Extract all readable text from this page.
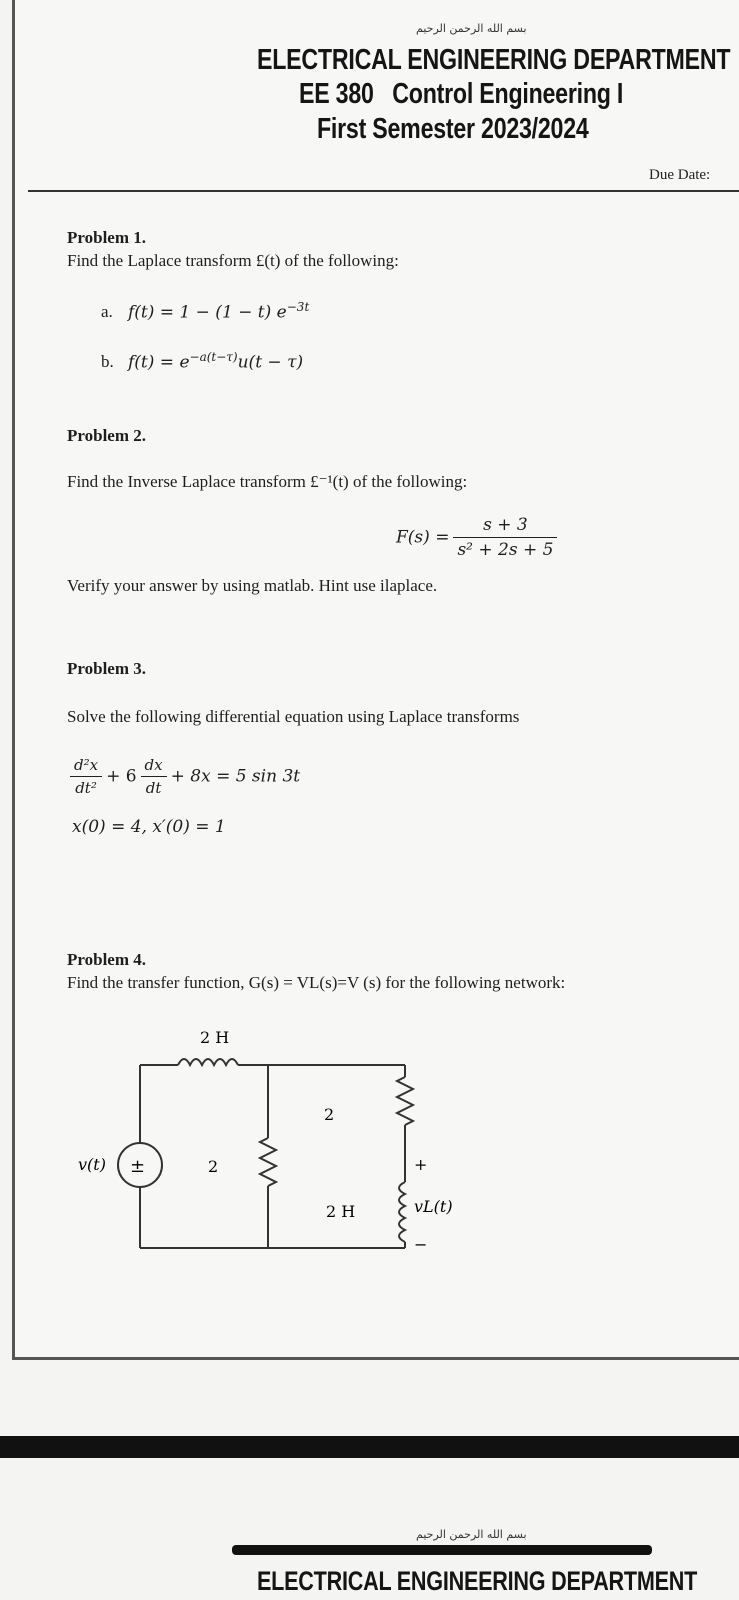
بسم الله الرحمن الرحيم
ELECTRICAL ENGINEERING DEPARTMENT
EE 380   Control Engineering I
First Semester 2023/2024
Due Date:
Problem 1.
Find the Laplace transform £(t) of the following:
a. f(t) = 1 − (1 − t) $e^{-3t}$
b. $f(t) = e^{-a(t-\tau)}u(t - \tau)$
Problem 2.
Find the Inverse Laplace transform £⁻¹(t) of the following:
$F(s) = \frac{s + 3}{\text{s² + 2s + 5}}$
Verify your answer by using matlab. Hint use ilaplace.
Problem 3.
Solve the following differential equation using Laplace transforms
$\frac{\text{d²x}}{\text{dt²}} + 6 \frac{dx}{dt} + 8x = 5$ sin 3t
x(0) = 4, x′(0) = 1
Problem 4.
Find the transfer function, G(s) = VL(s)=V (s) for the following network:
2 H
±
v(t)	2
2
2 H
+
−
vL(t)
بسم الله الرحمن الرحيم
ELECTRICAL ENGINEERING DEPARTMENT
